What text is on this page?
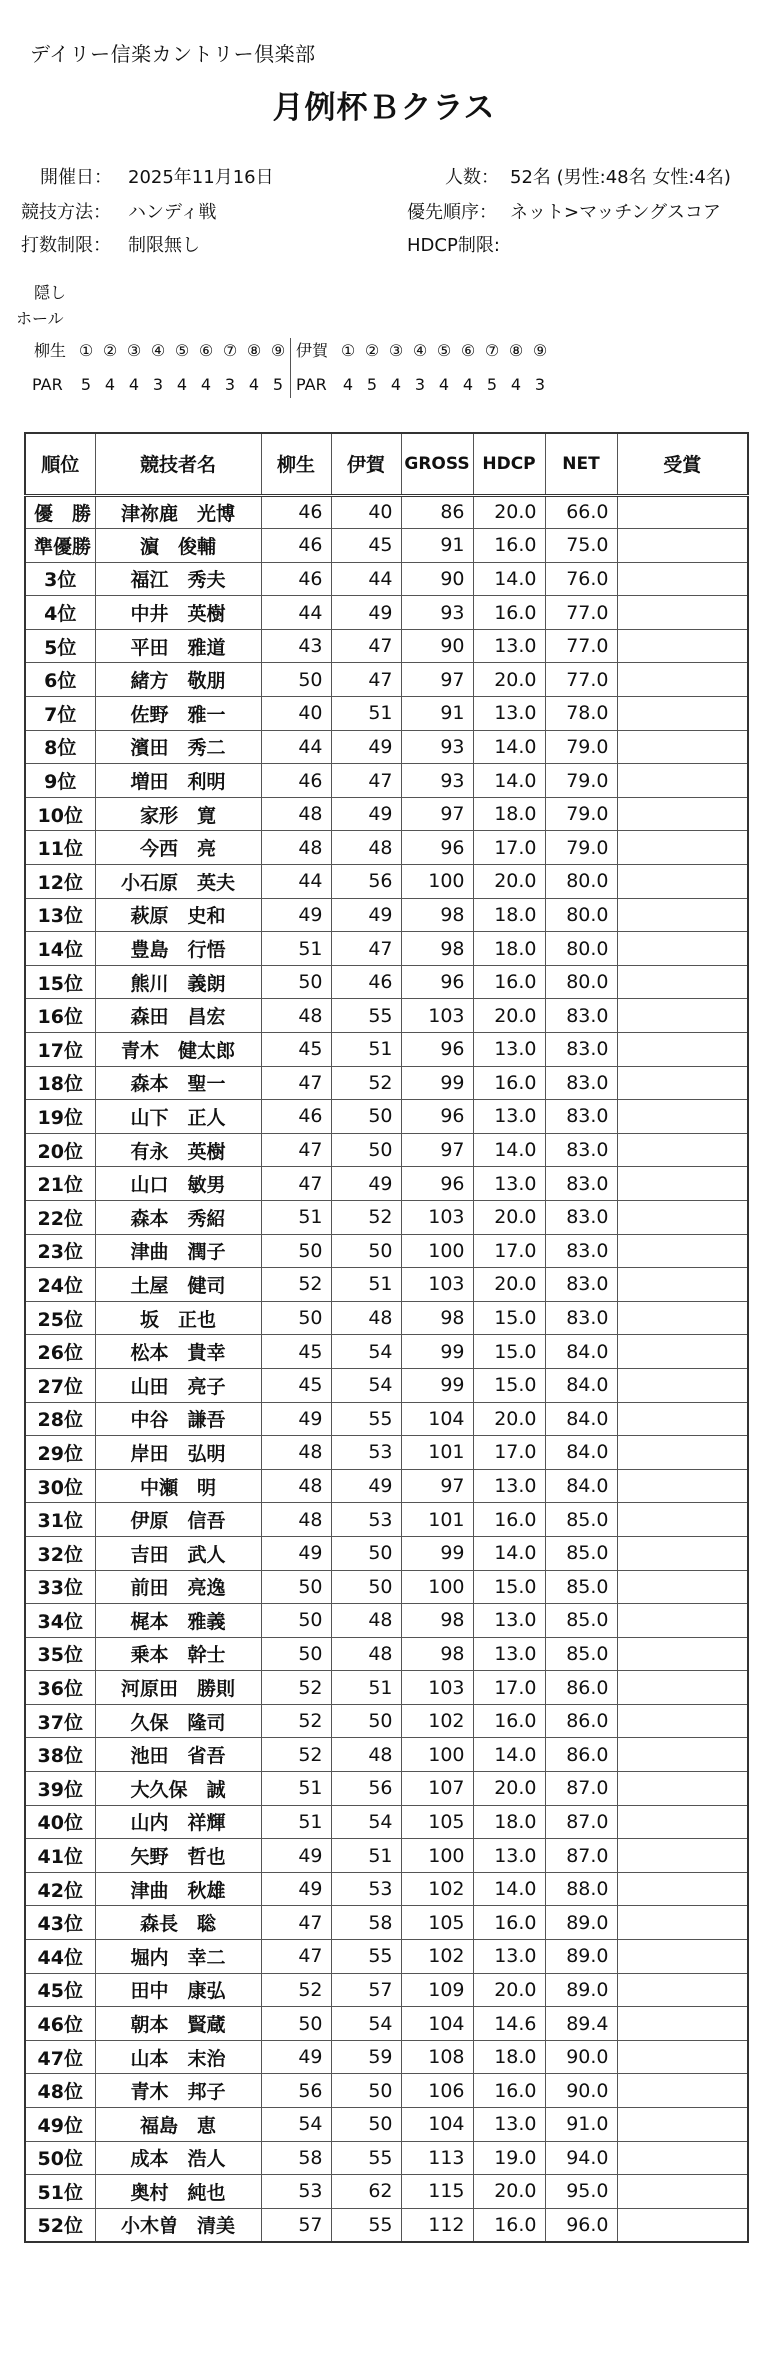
デイリー信楽カントリー倶楽部
月例杯Ｂクラス
開催日： 2025年11月16日	人数： 52名 (男性:48名 女性:4名)
競技方法： ハンディ戦	優先順序： ネット>マッチングスコア
打数制限： 制限無し	HDCP制限:
隠し
ホール
柳生 ① ② ③ ④ ⑤ ⑥ ⑦ ⑧ ⑨ 伊賀 ① ② ③ ④ ⑤ ⑥ ⑦ ⑧ ⑨
PAR	5 4 4 3 4 4 3 4 5 PAR	4 5 4 3 4 4 5 4 3
順位	競技者名	柳生	伊賀	GROSS	HDCP	NET	受賞
優　勝	津祢鹿　光博	46	40	86	20.0	66.0	
準優勝	濵　俊輔	46	45	91	16.0	75.0	
3位	福江　秀夫	46	44	90	14.0	76.0	
4位	中井　英樹	44	49	93	16.0	77.0	
5位	平田　雅道	43	47	90	13.0	77.0	
6位	緒方　敬朋	50	47	97	20.0	77.0	
7位	佐野　雅一	40	51	91	13.0	78.0	
8位	濱田　秀二	44	49	93	14.0	79.0	
9位	増田　利明	46	47	93	14.0	79.0	
10位	家形　寛	48	49	97	18.0	79.0	
11位	今西　亮	48	48	96	17.0	79.0	
12位	小石原　英夫	44	56	100	20.0	80.0	
13位	萩原　史和	49	49	98	18.0	80.0	
14位	豊島　行悟	51	47	98	18.0	80.0	
15位	熊川　義朗	50	46	96	16.0	80.0	
16位	森田　昌宏	48	55	103	20.0	83.0	
17位	青木　健太郎	45	51	96	13.0	83.0	
18位	森本　聖一	47	52	99	16.0	83.0	
19位	山下　正人	46	50	96	13.0	83.0	
20位	有永　英樹	47	50	97	14.0	83.0	
21位	山口　敏男	47	49	96	13.0	83.0	
22位	森本　秀紹	51	52	103	20.0	83.0	
23位	津曲　潤子	50	50	100	17.0	83.0	
24位	土屋　健司	52	51	103	20.0	83.0	
25位	坂　正也	50	48	98	15.0	83.0	
26位	松本　貴幸	45	54	99	15.0	84.0	
27位	山田　亮子	45	54	99	15.0	84.0	
28位	中谷　謙吾	49	55	104	20.0	84.0	
29位	岸田　弘明	48	53	101	17.0	84.0	
30位	中瀬　明	48	49	97	13.0	84.0	
31位	伊原　信吾	48	53	101	16.0	85.0	
32位	吉田　武人	49	50	99	14.0	85.0	
33位	前田　亮逸	50	50	100	15.0	85.0	
34位	梶本　雅義	50	48	98	13.0	85.0	
35位	乗本　幹士	50	48	98	13.0	85.0	
36位	河原田　勝則	52	51	103	17.0	86.0	
37位	久保　隆司	52	50	102	16.0	86.0	
38位	池田　省吾	52	48	100	14.0	86.0	
39位	大久保　誠	51	56	107	20.0	87.0	
40位	山内　祥輝	51	54	105	18.0	87.0	
41位	矢野　哲也	49	51	100	13.0	87.0	
42位	津曲　秋雄	49	53	102	14.0	88.0	
43位	森長　聡	47	58	105	16.0	89.0	
44位	堀内　幸二	47	55	102	13.0	89.0	
45位	田中　康弘	52	57	109	20.0	89.0	
46位	朝本　賢蔵	50	54	104	14.6	89.4	
47位	山本　末治	49	59	108	18.0	90.0	
48位	青木　邦子	56	50	106	16.0	90.0	
49位	福島　恵	54	50	104	13.0	91.0	
50位	成本　浩人	58	55	113	19.0	94.0	
51位	奥村　純也	53	62	115	20.0	95.0	
52位	小木曽　清美	57	55	112	16.0	96.0	
